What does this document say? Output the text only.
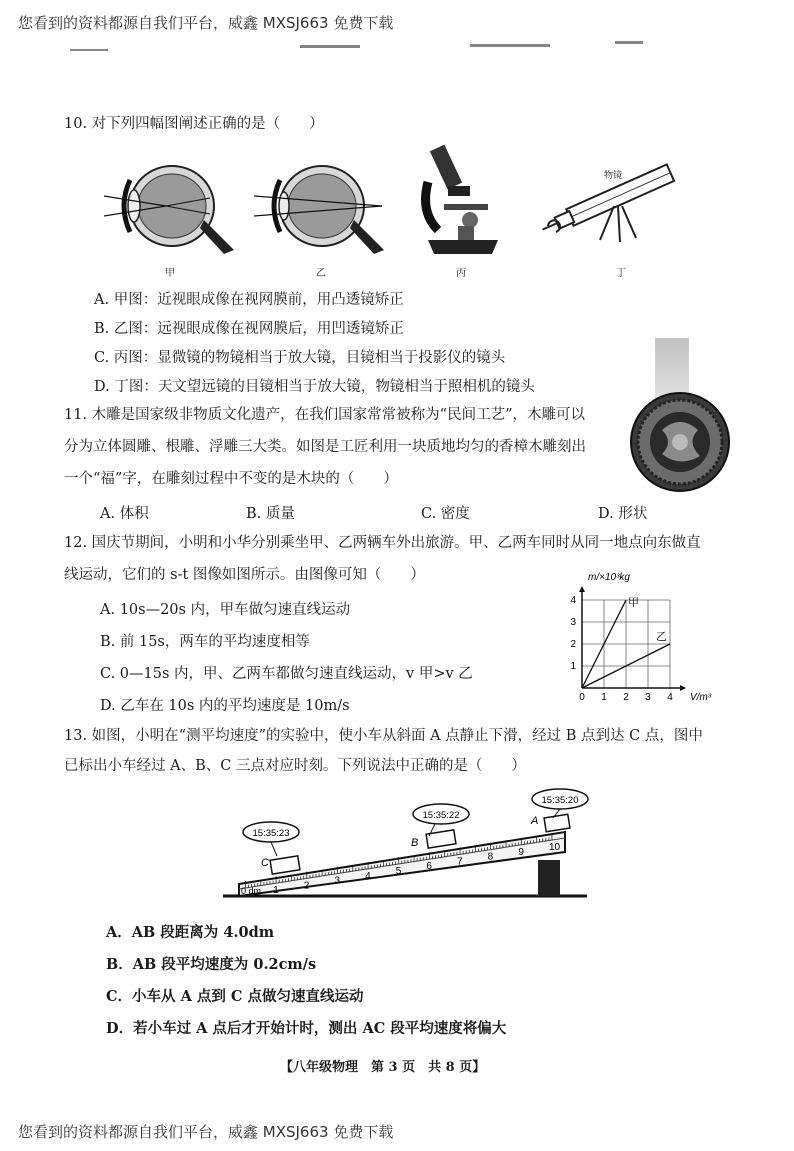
您看到的资料都源自我们平台，威鑫 MXSJ663 免费下载
10. 对下列四幅图阐述正确的是（　　）
甲	乙	丙
物镜
丁
A. 甲图：近视眼成像在视网膜前，用凸透镜矫正
B. 乙图：远视眼成像在视网膜后，用凹透镜矫正
C. 丙图：显微镜的物镜相当于放大镜，目镜相当于投影仪的镜头
D. 丁图：天文望远镜的目镜相当于放大镜，物镜相当于照相机的镜头
11. 木雕是国家级非物质文化遗产，在我们国家常常被称为“民间工艺”，木雕可以
分为立体圆雕、根雕、浮雕三大类。如图是工匠利用一块质地均匀的香樟木雕刻出
一个“福”字，在雕刻过程中不变的是木块的（　　）
A. 体积	B. 质量	C. 密度	D. 形状
12. 国庆节期间，小明和小华分别乘坐甲、乙两辆车外出旅游。甲、乙两车同时从同一地点向东做直
线运动，它们的 s-t 图像如图所示。由图像可知（　　）
A. 10s—20s 内，甲车做匀速直线运动
B. 前 15s，两车的平均速度相等
C. 0—15s 内，甲、乙两车都做匀速直线运动，v 甲>v 乙
D. 乙车在 10s 内的平均速度是 10m/s
m/×10³kg
V/m³
0 1 2 3 4
1
2
3
4	甲
乙
13. 如图，小明在“测平均速度”的实验中，使小车从斜面 A 点静止下滑，经过 B 点到达 C 点，图中
已标出小车经过 A、B、C 三点对应时刻。下列说法中正确的是（　　）
1	2	3	4	5	6	7	8	9	10
0 dm
C
B
A
15:35:23
15:35:22
15:35:20
A．AB 段距离为 4.0dm
B．AB 段平均速度为 0.2cm/s
C．小车从 A 点到 C 点做匀速直线运动
D．若小车过 A 点后才开始计时，测出 AC 段平均速度将偏大
【八年级物理　第 3 页　共 8 页】
您看到的资料都源自我们平台，威鑫 MXSJ663 免费下载
